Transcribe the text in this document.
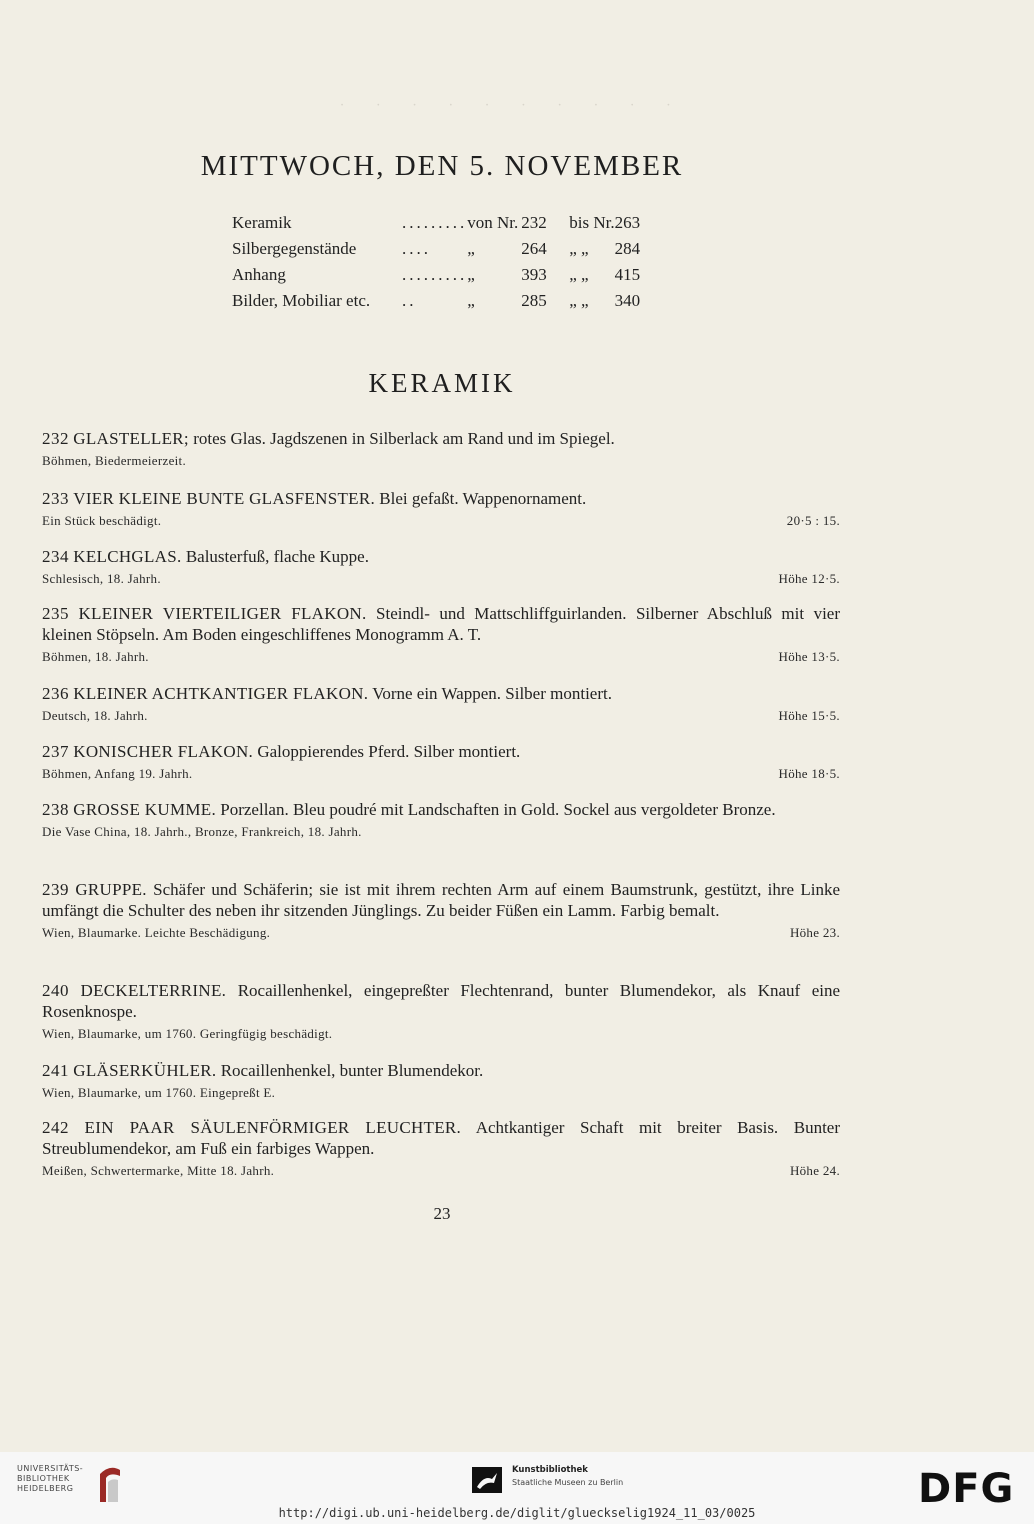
· · · · · · · · · ·
MITTWOCH, DEN 5. NOVEMBER
Keramik	.........	von Nr.	232	bis Nr.	263
Silbergegenstände	....	„	264	„ „	284
Anhang	.........	„	393	„ „	415
Bilder, Mobiliar etc.	..	„	285	„ „	340
KERAMIK
232 GLASTELLER; rotes Glas. Jagdszenen in Silberlack am Rand und im Spiegel.
Böhmen, Biedermeierzeit.
233 VIER KLEINE BUNTE GLASFENSTER. Blei gefaßt. Wappenornament.
Ein Stück beschädigt.	20·5 : 15.
234 KELCHGLAS. Balusterfuß, flache Kuppe.
Schlesisch, 18. Jahrh.	Höhe 12·5.
235 KLEINER VIERTEILIGER FLAKON. Steindl- und Mattschliffguirlanden. Silberner Abschluß mit vier kleinen Stöpseln. Am Boden eingeschliffenes Monogramm A. T.
Böhmen, 18. Jahrh.	Höhe 13·5.
236 KLEINER ACHTKANTIGER FLAKON. Vorne ein Wappen. Silber montiert.
Deutsch, 18. Jahrh.	Höhe 15·5.
237 KONISCHER FLAKON. Galoppierendes Pferd. Silber montiert.
Böhmen, Anfang 19. Jahrh.	Höhe 18·5.
238 GROSSE KUMME. Porzellan. Bleu poudré mit Landschaften in Gold. Sockel aus vergoldeter Bronze.
Die Vase China, 18. Jahrh., Bronze, Frankreich, 18. Jahrh.
239 GRUPPE. Schäfer und Schäferin; sie ist mit ihrem rechten Arm auf einem Baumstrunk, gestützt, ihre Linke umfängt die Schulter des neben ihr sitzenden Jünglings. Zu beider Füßen ein Lamm. Farbig bemalt.
Wien, Blaumarke. Leichte Beschädigung.	Höhe 23.
240 DECKELTERRINE. Rocaillenhenkel, eingepreßter Flechtenrand, bunter Blumendekor, als Knauf eine Rosenknospe.
Wien, Blaumarke, um 1760. Geringfügig beschädigt.
241 GLÄSERKÜHLER. Rocaillenhenkel, bunter Blumendekor.
Wien, Blaumarke, um 1760. Eingepreßt E.
242 EIN PAAR SÄULENFÖRMIGER LEUCHTER. Achtkantiger Schaft mit breiter Basis. Bunter Streublumendekor, am Fuß ein farbiges Wappen.
Meißen, Schwertermarke, Mitte 18. Jahrh.	Höhe 24.
23
UNIVERSITÄTS-
BIBLIOTHEK
HEIDELBERG
Kunstbibliothek
Staatliche Museen zu Berlin	DFG
http://digi.ub.uni-heidelberg.de/diglit/glueckselig1924_11_03/0025
